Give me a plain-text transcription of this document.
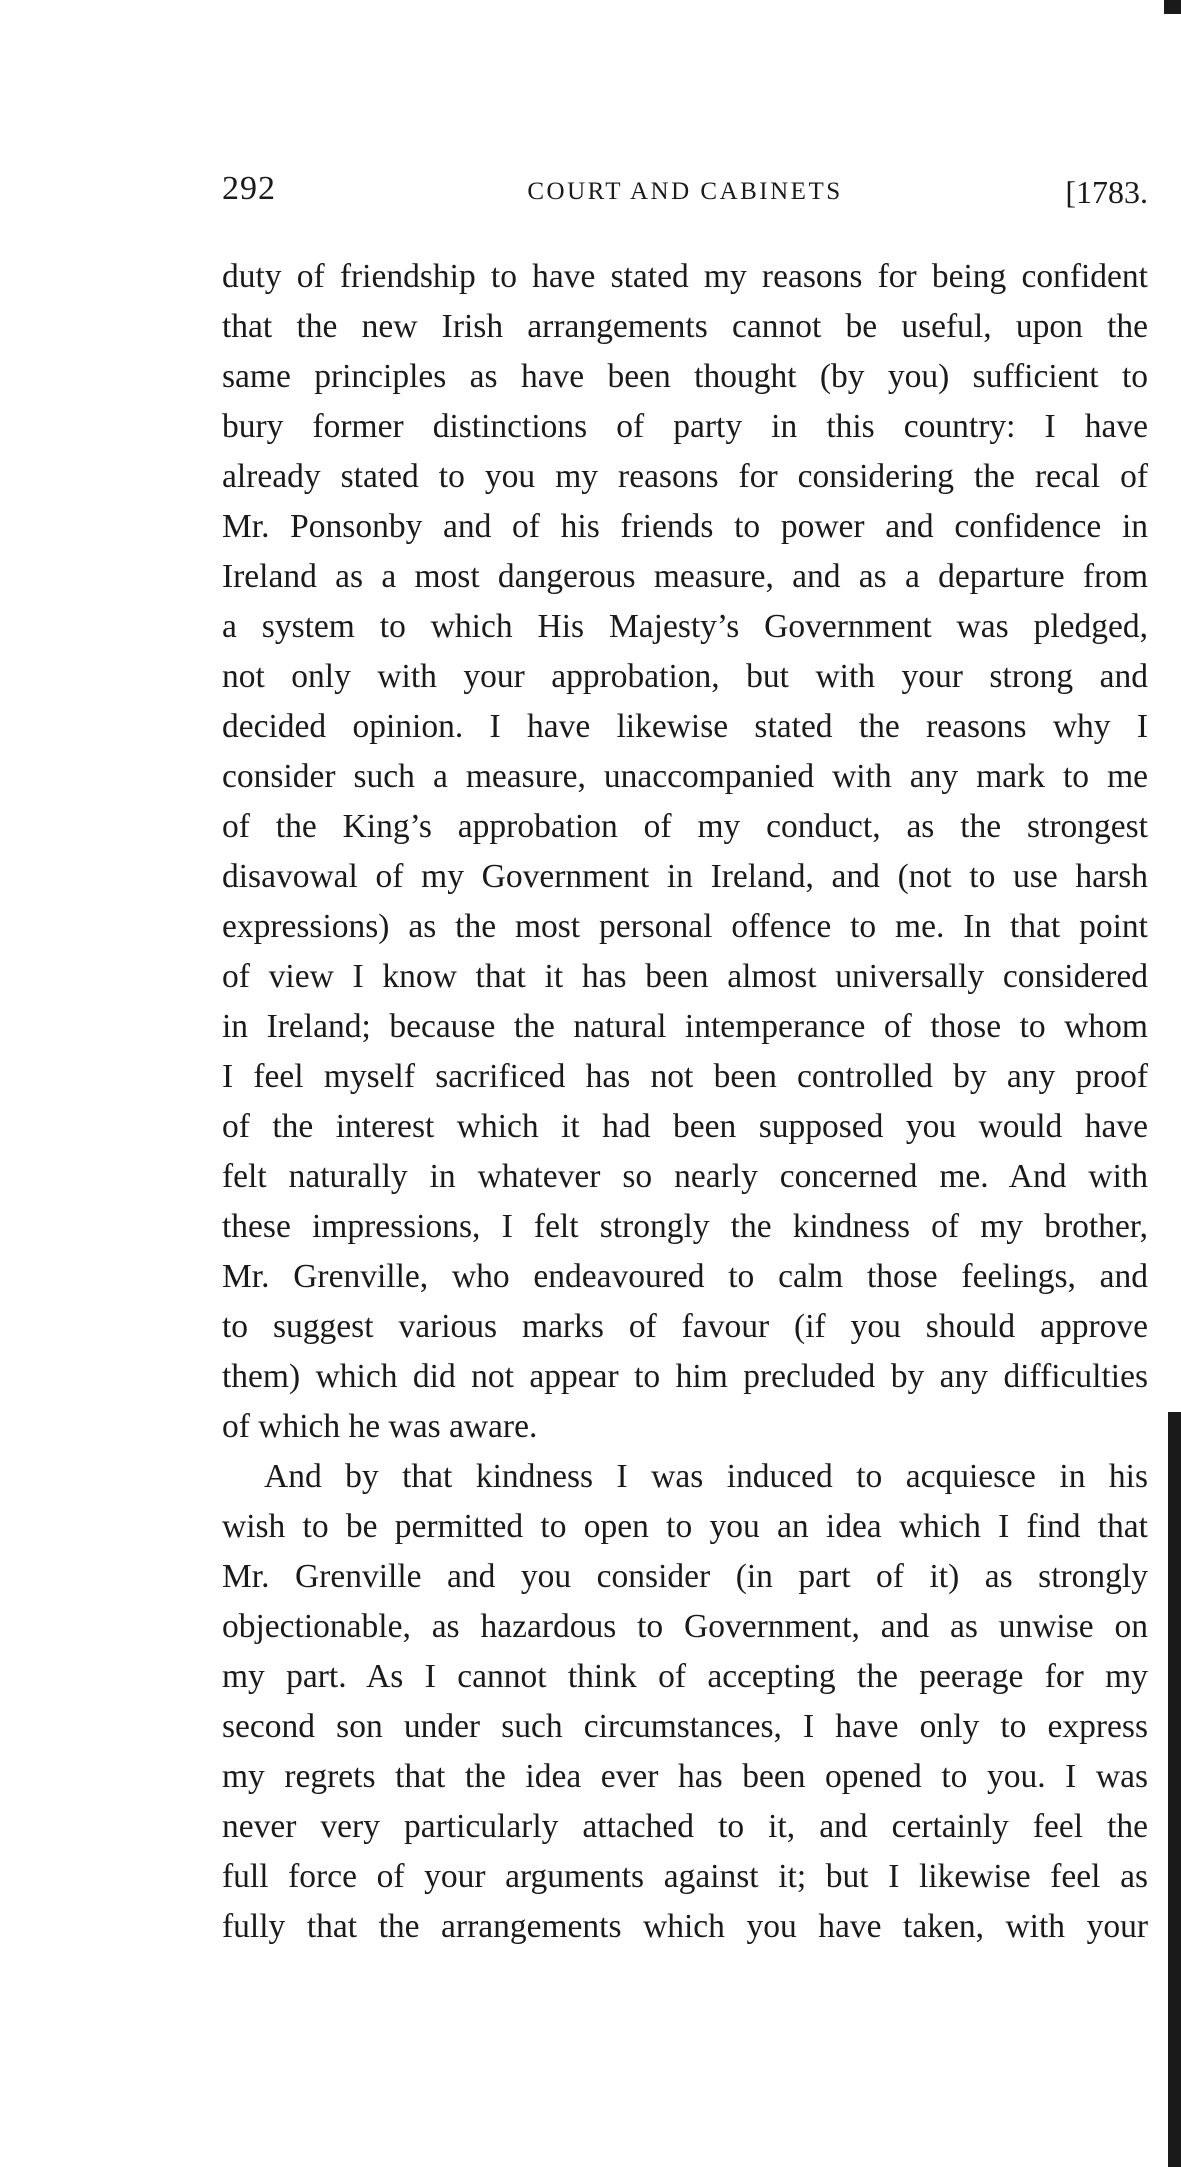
292	COURT AND CABINETS	[1783.
duty of friendship to have stated my reasons for being confident
that the new Irish arrangements cannot be useful, upon the
same principles as have been thought (by you) sufficient to
bury former distinctions of party in this country: I have
already stated to you my reasons for considering the recal of
Mr. Ponsonby and of his friends to power and confidence in
Ireland as a most dangerous measure, and as a departure from
a system to which His Majesty’s Government was pledged,
not only with your approbation, but with your strong and
decided opinion. I have likewise stated the reasons why I
consider such a measure, unaccompanied with any mark to me
of the King’s approbation of my conduct, as the strongest
disavowal of my Government in Ireland, and (not to use harsh
expressions) as the most personal offence to me. In that point
of view I know that it has been almost universally considered
in Ireland; because the natural intemperance of those to whom
I feel myself sacrificed has not been controlled by any proof
of the interest which it had been supposed you would have
felt naturally in whatever so nearly concerned me. And with
these impressions, I felt strongly the kindness of my brother,
Mr. Grenville, who endeavoured to calm those feelings, and
to suggest various marks of favour (if you should approve
them) which did not appear to him precluded by any difficulties
of which he was aware.
And by that kindness I was induced to acquiesce in his
wish to be permitted to open to you an idea which I find that
Mr. Grenville and you consider (in part of it) as strongly
objectionable, as hazardous to Government, and as unwise on
my part. As I cannot think of accepting the peerage for my
second son under such circumstances, I have only to express
my regrets that the idea ever has been opened to you. I was
never very particularly attached to it, and certainly feel the
full force of your arguments against it; but I likewise feel as
fully that the arrangements which you have taken, with your
